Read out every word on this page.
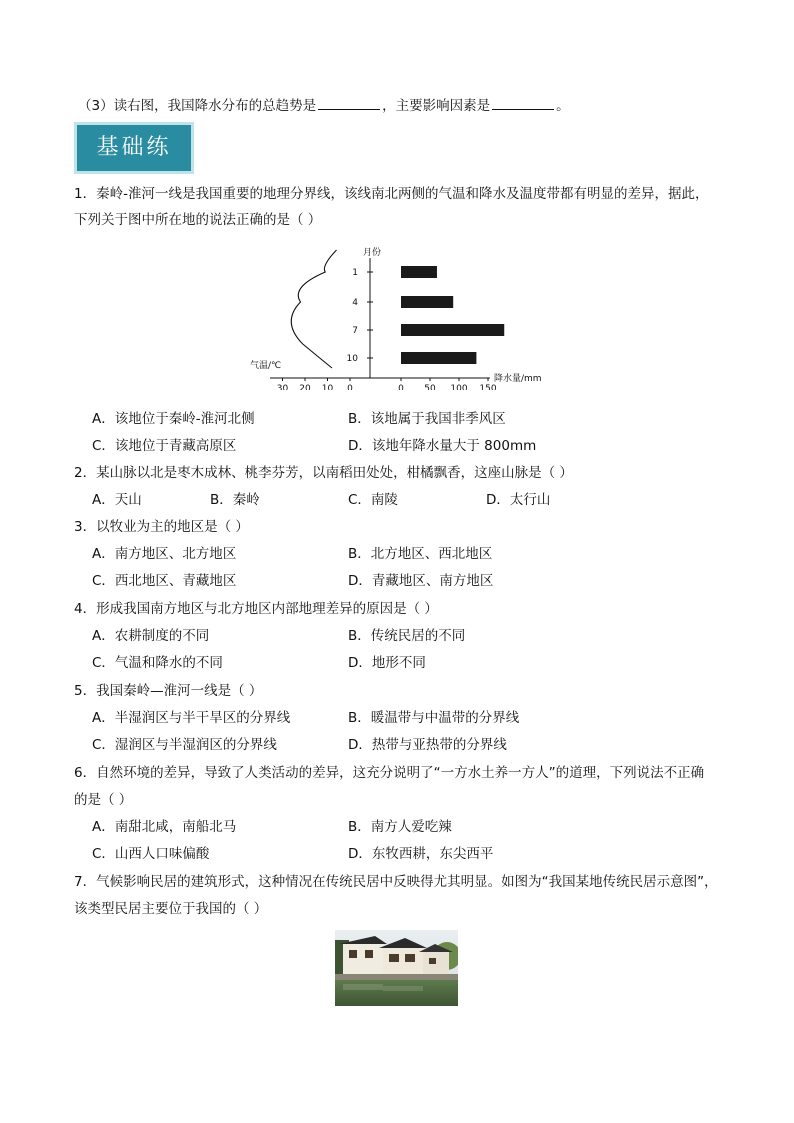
（3）读右图，我国降水分布的总趋势是	，主要影响因素是	。
基础练
1．秦岭-淮河一线是我国重要的地理分界线，该线南北两侧的气温和降水及温度带都有明显的差异，据此，
下列关于图中所在地的说法正确的是（ ）
月份
气温/℃
降水量/mm
1
4
7
10
0 50 100 150
30 20 10 0
A．该地位于秦岭-淮河北侧	B．该地属于我国非季风区
C．该地位于青藏高原区	D．该地年降水量大于 800mm
2．某山脉以北是枣木成林、桃李芬芳，以南稻田处处，柑橘飘香，这座山脉是（ ）
A．天山	B．秦岭	C．南陵	D．太行山
3．以牧业为主的地区是（ ）
A．南方地区、北方地区	B．北方地区、西北地区
C．西北地区、青藏地区	D．青藏地区、南方地区
4．形成我国南方地区与北方地区内部地理差异的原因是（ ）
A．农耕制度的不同	B．传统民居的不同
C．气温和降水的不同	D．地形不同
5．我国秦岭—淮河一线是（ ）
A．半湿润区与半干旱区的分界线	B．暖温带与中温带的分界线
C．湿润区与半湿润区的分界线	D．热带与亚热带的分界线
6．自然环境的差异，导致了人类活动的差异，这充分说明了“一方水土养一方人”的道理，下列说法不正确
的是（ ）
A．南甜北咸，南船北马	B．南方人爱吃辣
C．山西人口味偏酸	D．东牧西耕，东尖西平
7．气候影响民居的建筑形式，这种情况在传统民居中反映得尤其明显。如图为“我国某地传统民居示意图”，
该类型民居主要位于我国的（ ）
